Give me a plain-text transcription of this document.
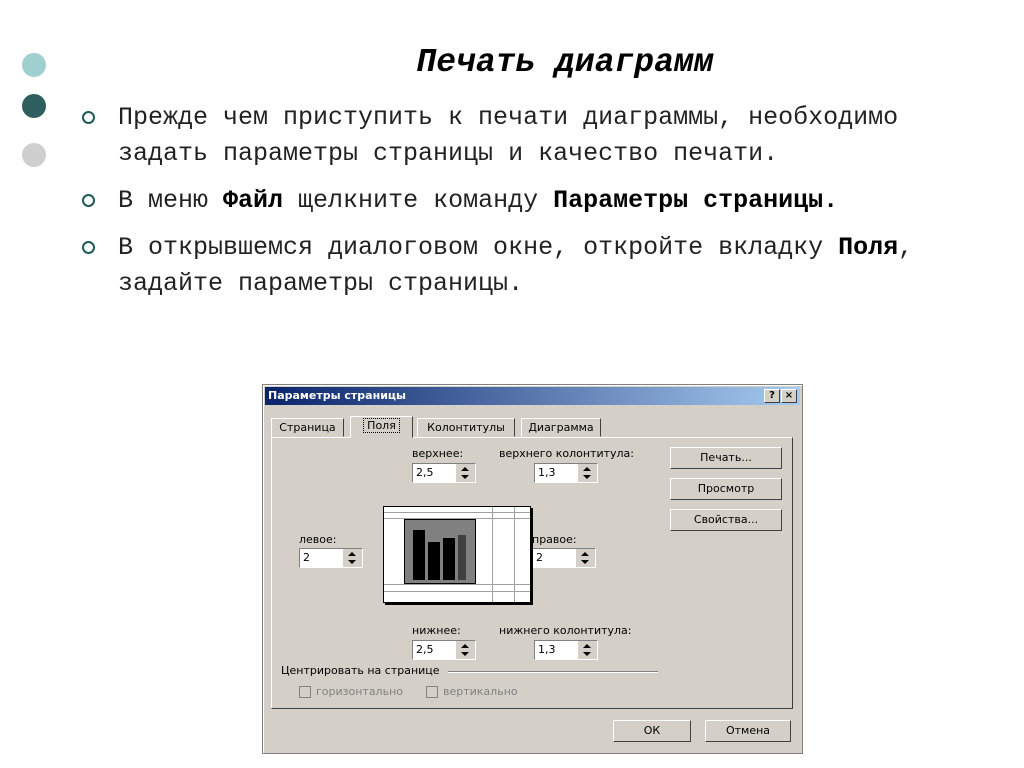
Печать диаграмм
Прежде чем приступить к печати диаграммы, необходимо задать параметры страницы и качество печати.
В меню Файл щелкните команду Параметры страницы.
В открывшемся диалоговом окне, откройте вкладку Поля, задайте параметры страницы.
Параметры страницы	? ×
Страница	Поля	Колонтитулы	Диаграмма
верхнее:
2,5
верхнего колонтитула:
1,3
левое:
2
правое:
2
нижнее:
2,5
нижнего колонтитула:
1,3
Печать...
Просмотр
Свойства...
Центрировать на странице
горизонтально	вертикально
ОК	Отмена
